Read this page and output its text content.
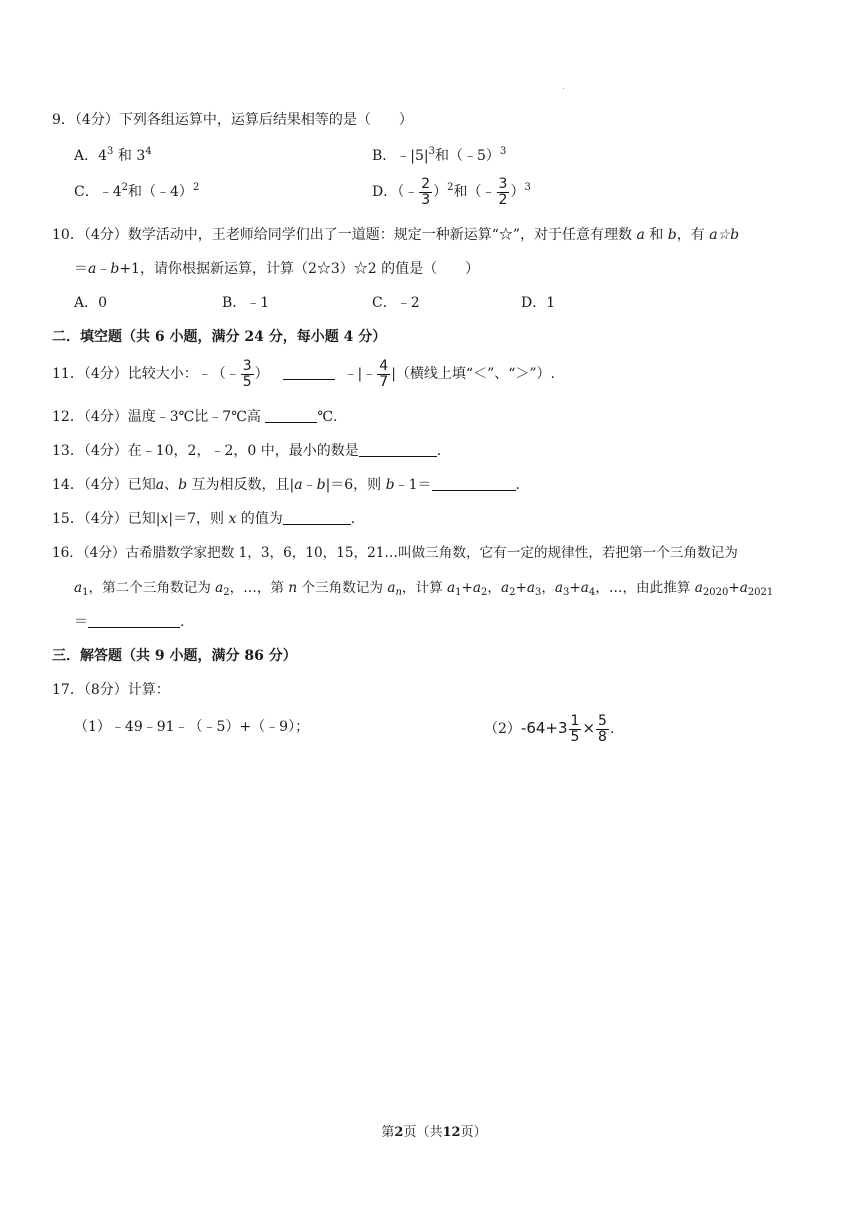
9．（4分）下列各组运算中，运算后结果相等的是（　　）
A．$4^3$ 和 $3^4$	B．$﹣|5|^3$和（﹣5）$^3$
C．$﹣4^2$和（﹣4）$^2$	D．（﹣ $\frac{2}{3} )^2$和（﹣ $\frac{3}{2} )^3$
10．（4分）数学活动中，王老师给同学们出了一道题：规定一种新运算“☆”，对于任意有理数 a 和 b，有 a☆b
＝a﹣b+1，请你根据新运算，计算（2☆3）☆2 的值是（　　）
A．0	B．﹣1	C．﹣2	D．1
二．填空题（共 6 小题，满分 24 分，每小题 4 分）
11．（4分）比较大小：﹣（﹣ $\frac{3}{5}$ ）	﹣|﹣ $\frac{4}{7}$ |（横线上填“＜”、“＞”）.
12．（4分）温度﹣3℃比﹣7℃高	℃.
13．（4分）在﹣10，2，﹣2，0 中，最小的数是	.
14．（4分）已知a、b 互为相反数，且|a﹣b|＝6，则 b﹣1＝	.
15．（4分）已知|x|＝7，则 x 的值为	.
16．（4分）古希腊数学家把数 1，3，6，10，15，21…叫做三角数，它有一定的规律性，若把第一个三角数记为
$a_1$，第二个三角数记为 $a_2$，…，第 n 个三角数记为 $a_n$，计算 $a_1+a_2$，$a_2+a_3$，$a_3+a_4$，…，由此推算 $a_{2020}+a_{2021}$
＝	.
三．解答题（共 9 小题，满分 86 分）
17．（8分）计算：
（1）﹣49﹣91﹣（﹣5）+（﹣9）；	$(2)-64+3 \frac{1}{5} \times \frac{5}{8}$ .
第2页（共12页）
